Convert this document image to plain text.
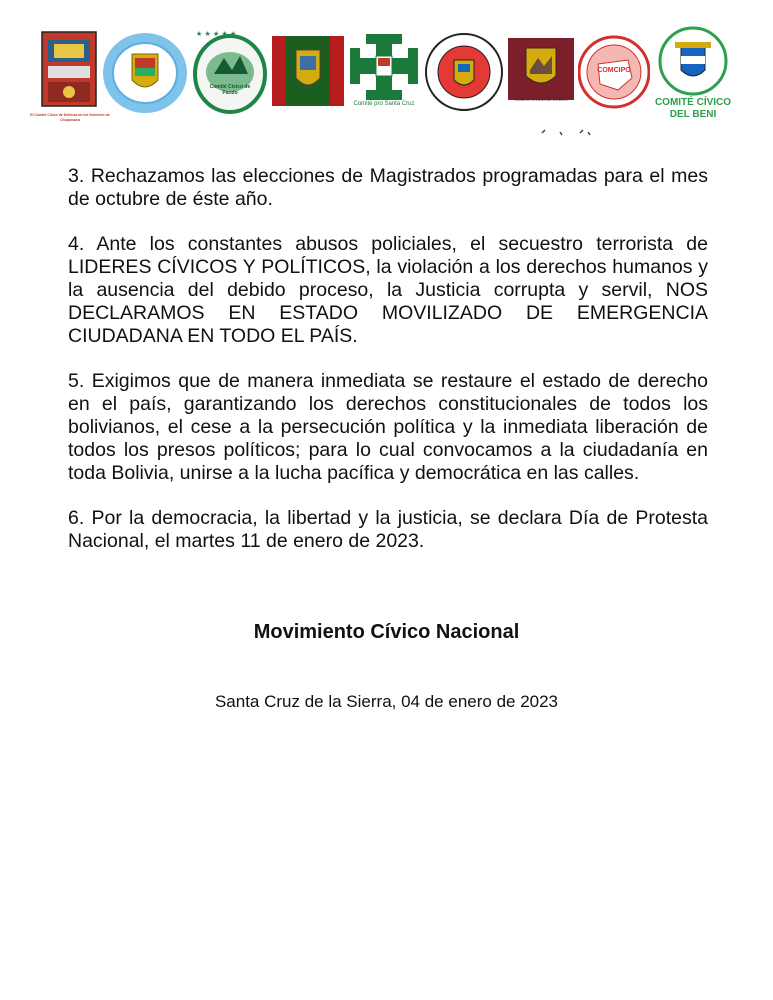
El Comité Cívico de Defensa de los Intereses de Chuquisaca
★ ★ ★ ★ ★
Comité Cívico de Pando
Comité pro Santa Cruz
COMITÉ CÍVICO DE ORURO
COMCIPO
COMITÉ CÍVICO
DEL BENI

3. Rechazamos las elecciones de Magistrados programadas para el mes de octubre de éste año.

4. Ante los constantes abusos policiales, el secuestro terrorista de LIDERES CÍVICOS Y POLÍTICOS, la violación a los derechos humanos y la ausencia del debido proceso, la Justicia corrupta y servil, NOS DECLARAMOS EN ESTADO MOVILIZADO DE EMERGENCIA CIUDADANA EN TODO EL PAÍS.

5. Exigimos que de manera inmediata se restaure el estado de derecho en el país, garantizando los derechos constitucionales de todos los bolivianos, el cese a la persecución política y la inmediata liberación de todos los presos políticos; para lo cual convocamos a la ciudadanía en toda Bolivia, unirse a la lucha pacífica y democrática en las calles.

6. Por la democracia, la libertad y la justicia, se declara Día de Protesta Nacional, el martes 11 de enero de 2023.

Movimiento Cívico Nacional
Santa Cruz de la Sierra, 04 de enero de 2023
